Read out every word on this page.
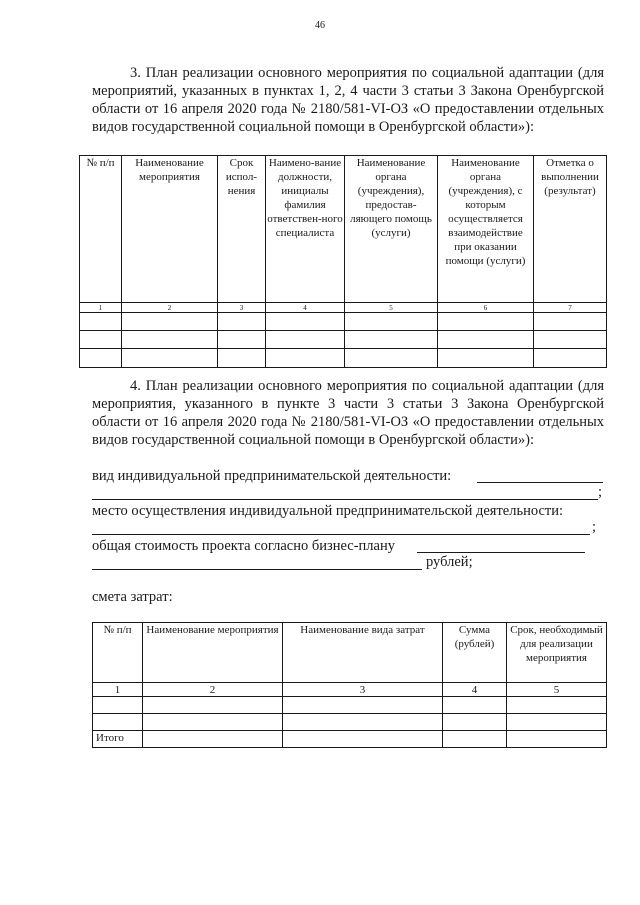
46
3. План реализации основного мероприятия по социальной адаптации (для мероприятий, указанных в пунктах 1, 2, 4 части 3 статьи 3 Закона Оренбургской области от 16 апреля 2020 года № 2180/581-VI-ОЗ «О предоставлении отдельных видов государственной социальной помощи в Оренбургской области»):
№ п/п	Наименование мероприятия	Срок испол-нения	Наимено-вание должности, инициалы фамилия ответствен-ного специалиста	Наименование органа (учреждения), предостав-ляющего помощь (услуги)	Наименование органа (учреждения), с которым осуществляется взаимодействие при оказании помощи (услуги)	Отметка о выполнении (результат)
1	2	3	4	5	6	7

4. План реализации основного мероприятия по социальной адаптации (для мероприятия, указанного в пункте 3 части 3 статьи 3 Закона Оренбургской области от 16 апреля 2020 года № 2180/581-VI-ОЗ «О предоставлении отдельных видов государственной социальной помощи в Оренбургской области»):
вид индивидуальной предпринимательской деятельности:
;
место осуществления индивидуальной предпринимательской деятельности:
;
общая стоимость проекта согласно бизнес-плану
рублей;
смета затрат:
№ п/п	Наименование мероприятия	Наименование вида затрат	Сумма (рублей)	Срок, необходимый для реализации мероприятия
1	2	3	4	5

Итого				
